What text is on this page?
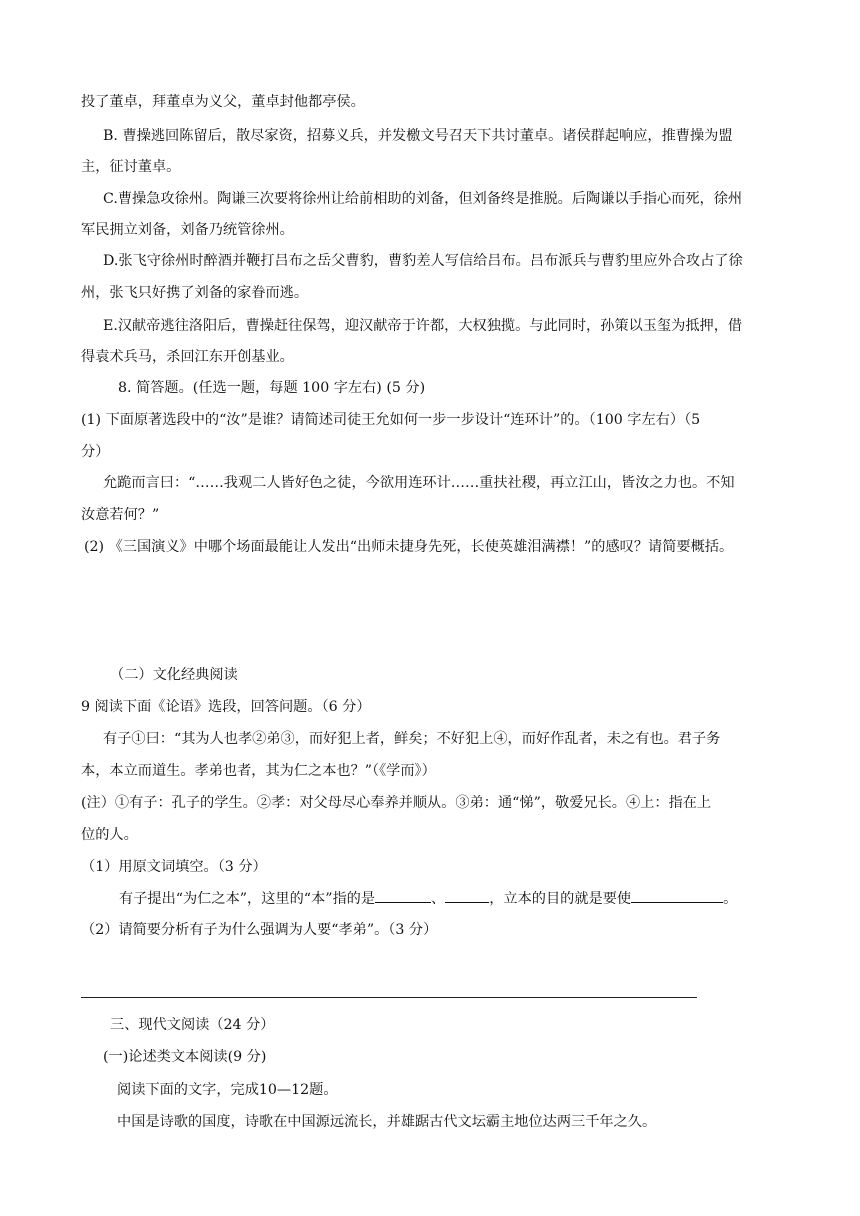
投了董卓，拜董卓为义父，董卓封他都亭侯。
B. 曹操逃回陈留后，散尽家资，招募义兵，并发檄文号召天下共讨董卓。诸侯群起响应，推曹操为盟
主，征讨董卓。
C.曹操急攻徐州。陶谦三次要将徐州让给前相助的刘备，但刘备终是推脱。后陶谦以手指心而死，徐州
军民拥立刘备，刘备乃统管徐州。
D.张飞守徐州时醉酒并鞭打吕布之岳父曹豹，曹豹差人写信给吕布。吕布派兵与曹豹里应外合攻占了徐
州，张飞只好携了刘备的家眷而逃。
E.汉献帝逃往洛阳后，曹操赶往保驾，迎汉献帝于许都，大权独揽。与此同时，孙策以玉玺为抵押，借
得袁术兵马，杀回江东开创基业。
8. 简答题。(任选一题，每题 100 字左右) (5 分)
(1) 下面原著选段中的“汝”是谁？请简述司徒王允如何一步一步设计“连环计”的。（100 字左右）（5
分）
允跪而言曰：“……我观二人皆好色之徒，今欲用连环计……重扶社稷，再立江山，皆汝之力也。不知
汝意若何？”
(2) 《三国演义》中哪个场面最能让人发出“出师未捷身先死，长使英雄泪满襟！”的感叹？请简要概括。
（二）文化经典阅读
9 阅读下面《论语》选段，回答问题。（6 分）
有子①曰：“其为人也孝②弟③，而好犯上者，鲜矣；不好犯上④，而好作乱者，未之有也。君子务
本，本立而道生。孝弟也者，其为仁之本也？”（《学而》）
(注）①有子：孔子的学生。②孝：对父母尽心奉养并顺从。③弟：通“悌”，敬爱兄长。④上：指在上
位的人。
（1）用原文词填空。（3 分）
有子提出“为仁之本”，这里的“本”指的是	、	，立本的目的就是要使	。
（2）请简要分析有子为什么强调为人要“孝弟”。（3 分）
三、现代文阅读（24 分）
(一)论述类文本阅读(9 分)
阅读下面的文字，完成10—12题。
中国是诗歌的国度，诗歌在中国源远流长，并雄踞古代文坛霸主地位达两三千年之久。
